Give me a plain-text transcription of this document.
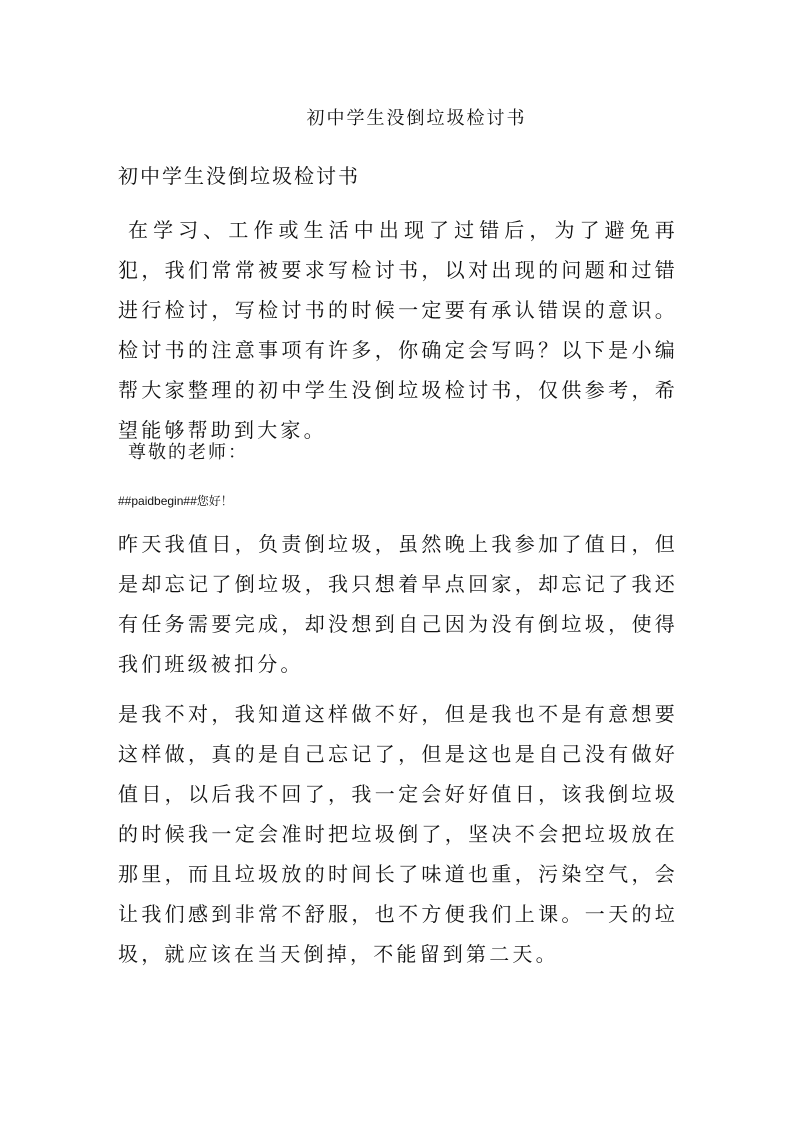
初中学生没倒垃圾检讨书
初中学生没倒垃圾检讨书
在学习、工作或生活中出现了过错后，为了避免再犯，我们常常被要求写检讨书，以对出现的问题和过错进行检讨，写检讨书的时候一定要有承认错误的意识。检讨书的注意事项有许多，你确定会写吗？以下是小编帮大家整理的初中学生没倒垃圾检讨书，仅供参考，希望能够帮助到大家。
尊敬的老师：
##paidbegin##您好！
昨天我值日，负责倒垃圾，虽然晚上我参加了值日，但是却忘记了倒垃圾，我只想着早点回家，却忘记了我还有任务需要完成，却没想到自己因为没有倒垃圾，使得我们班级被扣分。
是我不对，我知道这样做不好，但是我也不是有意想要这样做，真的是自己忘记了，但是这也是自己没有做好值日，以后我不回了，我一定会好好值日，该我倒垃圾的时候我一定会准时把垃圾倒了，坚决不会把垃圾放在那里，而且垃圾放的时间长了味道也重，污染空气，会让我们感到非常不舒服，也不方便我们上课。一天的垃圾，就应该在当天倒掉，不能留到第二天。
